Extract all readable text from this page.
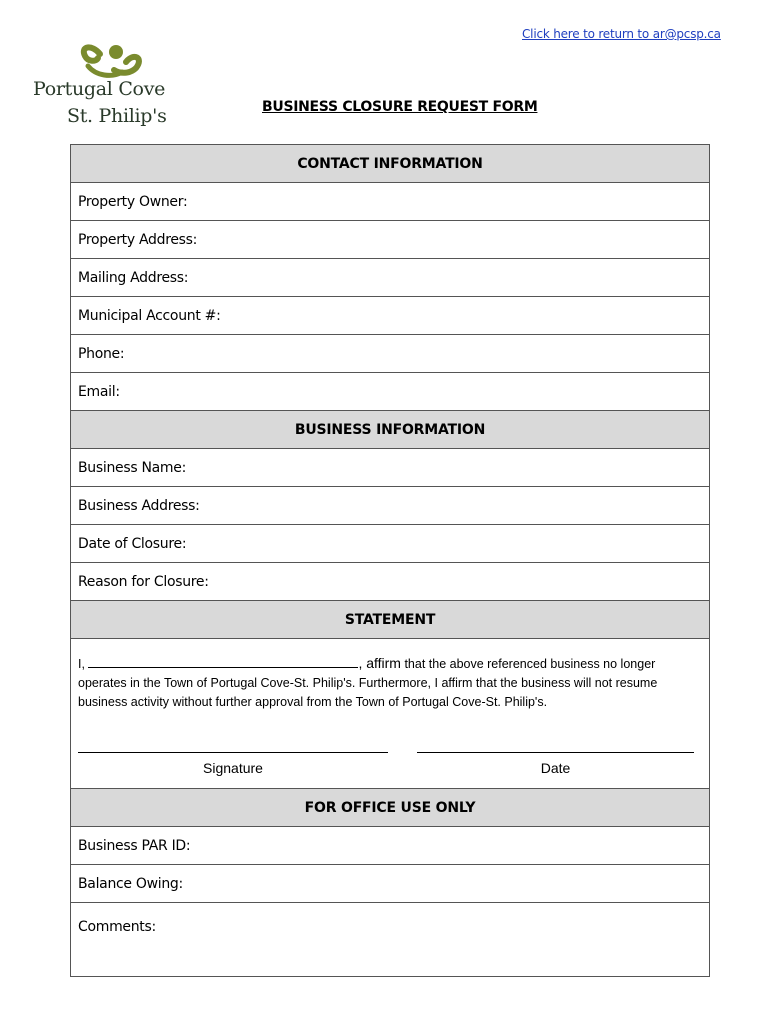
Click here to return to ar@pcsp.ca
Portugal Cove
St. Philip's	BUSINESS CLOSURE REQUEST FORM
CONTACT INFORMATION
Property Owner:
Property Address:
Mailing Address:
Municipal Account #:
Phone:
Email:
BUSINESS INFORMATION
Business Name:
Business Address:
Date of Closure:
Reason for Closure:
STATEMENT
I,	, affirm that the above referenced business no longer operates in the Town of Portugal Cove-St. Philip's. Furthermore, I affirm that the business will not resume business activity without further approval from the Town of Portugal Cove-St. Philip's.
Signature	Date
FOR OFFICE USE ONLY
Business PAR ID:
Balance Owing:
Comments:
